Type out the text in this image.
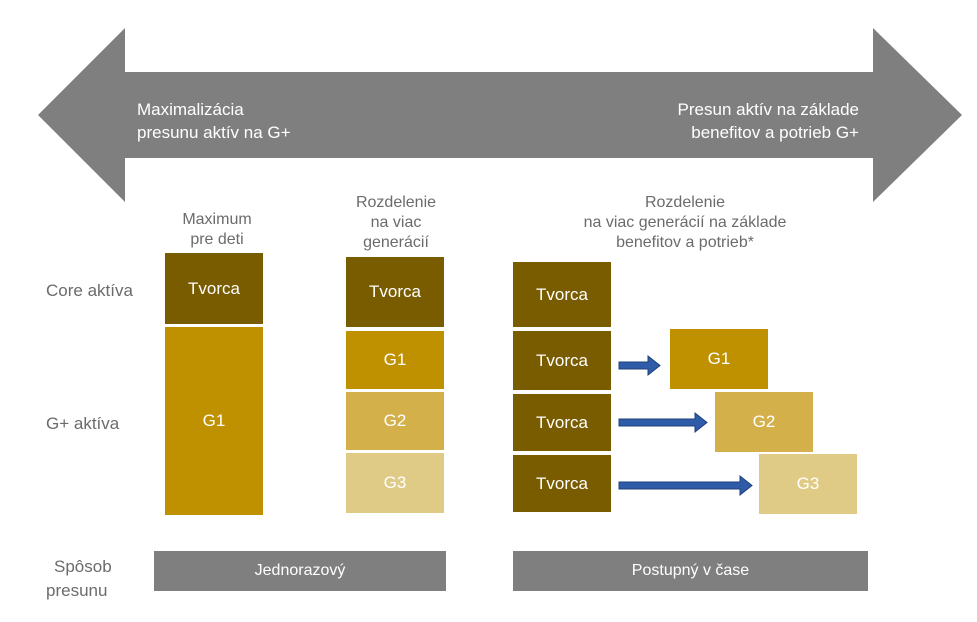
Maximalizácia
presunu aktív na G+
Presun aktív na základe
benefitov a potrieb G+
Core aktíva
G+ aktíva
Spôsob
presunu
Maximum
pre deti
Tvorca
G1
Rozdelenie
na viac
generácií
Tvorca
G1
G2
G3
Rozdelenie
na viac generácií na základe
benefitov a potrieb*
Tvorca
Tvorca
Tvorca
Tvorca
G1
G2
G3
Jednorazový	Postupný v čase
